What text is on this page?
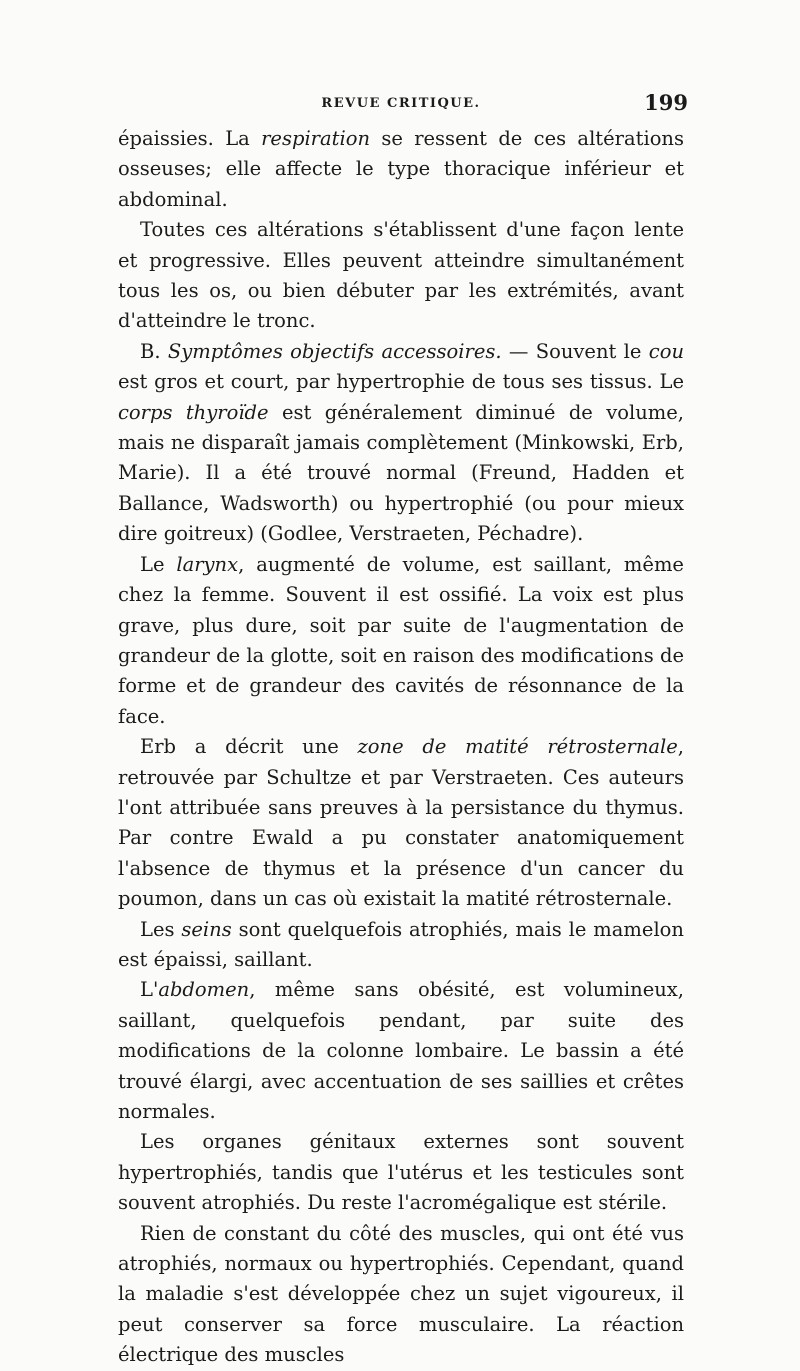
REVUE CRITIQUE.	199

épaissies. La respiration se ressent de ces altérations osseuses; elle affecte le type thoracique inférieur et abdominal.

Toutes ces altérations s'établissent d'une façon lente et progressive. Elles peuvent atteindre simultanément tous les os, ou bien débuter par les extrémités, avant d'atteindre le tronc.

B. Symptômes objectifs accessoires. — Souvent le cou est gros et court, par hypertrophie de tous ses tissus. Le corps thyroïde est généralement diminué de volume, mais ne disparaît jamais complètement (Minkowski, Erb, Marie). Il a été trouvé normal (Freund, Hadden et Ballance, Wadsworth) ou hypertrophié (ou pour mieux dire goitreux) (Godlee, Verstraeten, Péchadre).

Le larynx, augmenté de volume, est saillant, même chez la femme. Souvent il est ossifié. La voix est plus grave, plus dure, soit par suite de l'augmentation de grandeur de la glotte, soit en raison des modifications de forme et de grandeur des cavités de résonnance de la face.

Erb a décrit une zone de matité rétrosternale, retrouvée par Schultze et par Verstraeten. Ces auteurs l'ont attribuée sans preuves à la persistance du thymus. Par contre Ewald a pu constater anatomiquement l'absence de thymus et la présence d'un cancer du poumon, dans un cas où existait la matité rétrosternale.

Les seins sont quelquefois atrophiés, mais le mamelon est épaissi, saillant.

L'abdomen, même sans obésité, est volumineux, saillant, quelquefois pendant, par suite des modifications de la colonne lombaire. Le bassin a été trouvé élargi, avec accentuation de ses saillies et crêtes normales.

Les organes génitaux externes sont souvent hypertrophiés, tandis que l'utérus et les testicules sont souvent atrophiés. Du reste l'acromégalique est stérile.

Rien de constant du côté des muscles, qui ont été vus atrophiés, normaux ou hypertrophiés. Cependant, quand la maladie s'est développée chez un sujet vigoureux, il peut conserver sa force musculaire. La réaction électrique des muscles
